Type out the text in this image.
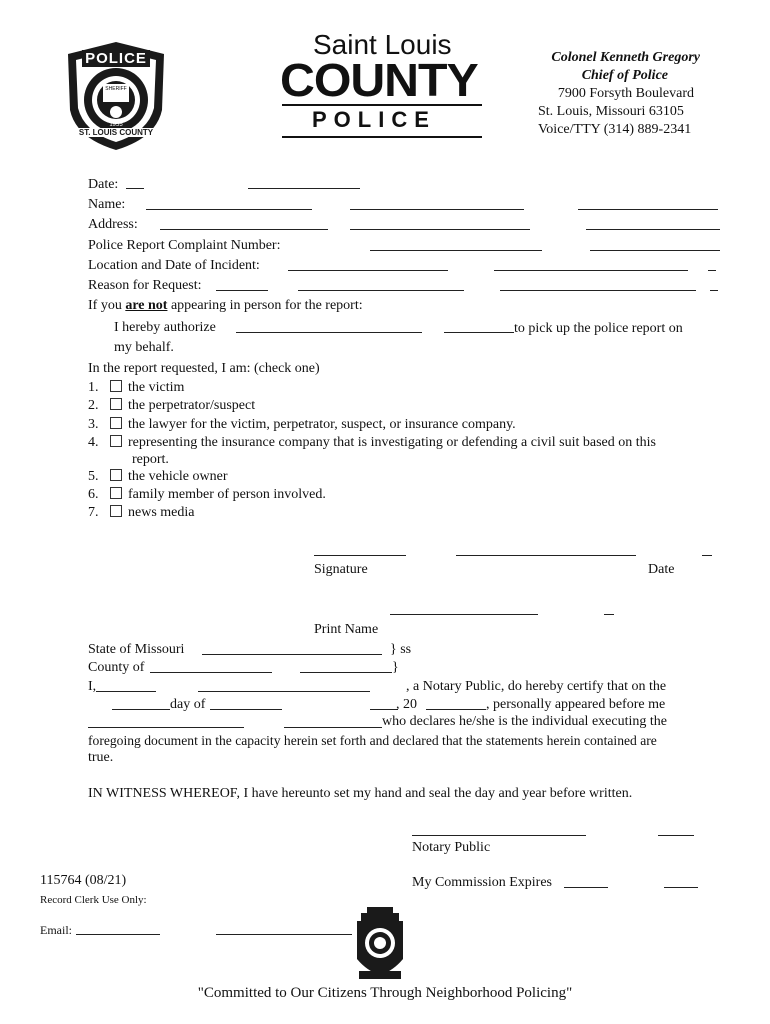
POLICE
SHERIFF
1955
ST. LOUIS COUNTY
Saint Louis
COUNTY
POLICE
Colonel Kenneth Gregory
Chief of Police
7900 Forsyth Boulevard
St. Louis, Missouri 63105
Voice/TTY (314) 889-2341
Date:
Name:
Address:
Police Report Complaint Number:
Location and Date of Incident:
Reason for Request:
If you are not appearing in person for the report:
I hereby authorize	to pick up the police report on
my behalf.
In the report requested, I am: (check one)
1. the victim
2. the perpetrator/suspect
3. the lawyer for the victim, perpetrator, suspect, or insurance company.
4. representing the insurance company that is investigating or defending a civil suit based on this
report.
5. the vehicle owner
6. family member of person involved.
7. news media
Signature	Date
Print Name
State of Missouri	} ss
County of	}
I,	, a Notary Public, do hereby certify that on the
day of	, 20	, personally appeared before me
who declares he/she is the individual executing the
foregoing document in the capacity herein set forth and declared that the statements herein contained are
true.
IN WITNESS WHEREOF, I have hereunto set my hand and seal the day and year before written.
Notary Public
My Commission Expires
115764 (08/21)
Record Clerk Use Only:
Email:
"Committed to Our Citizens Through Neighborhood Policing"
